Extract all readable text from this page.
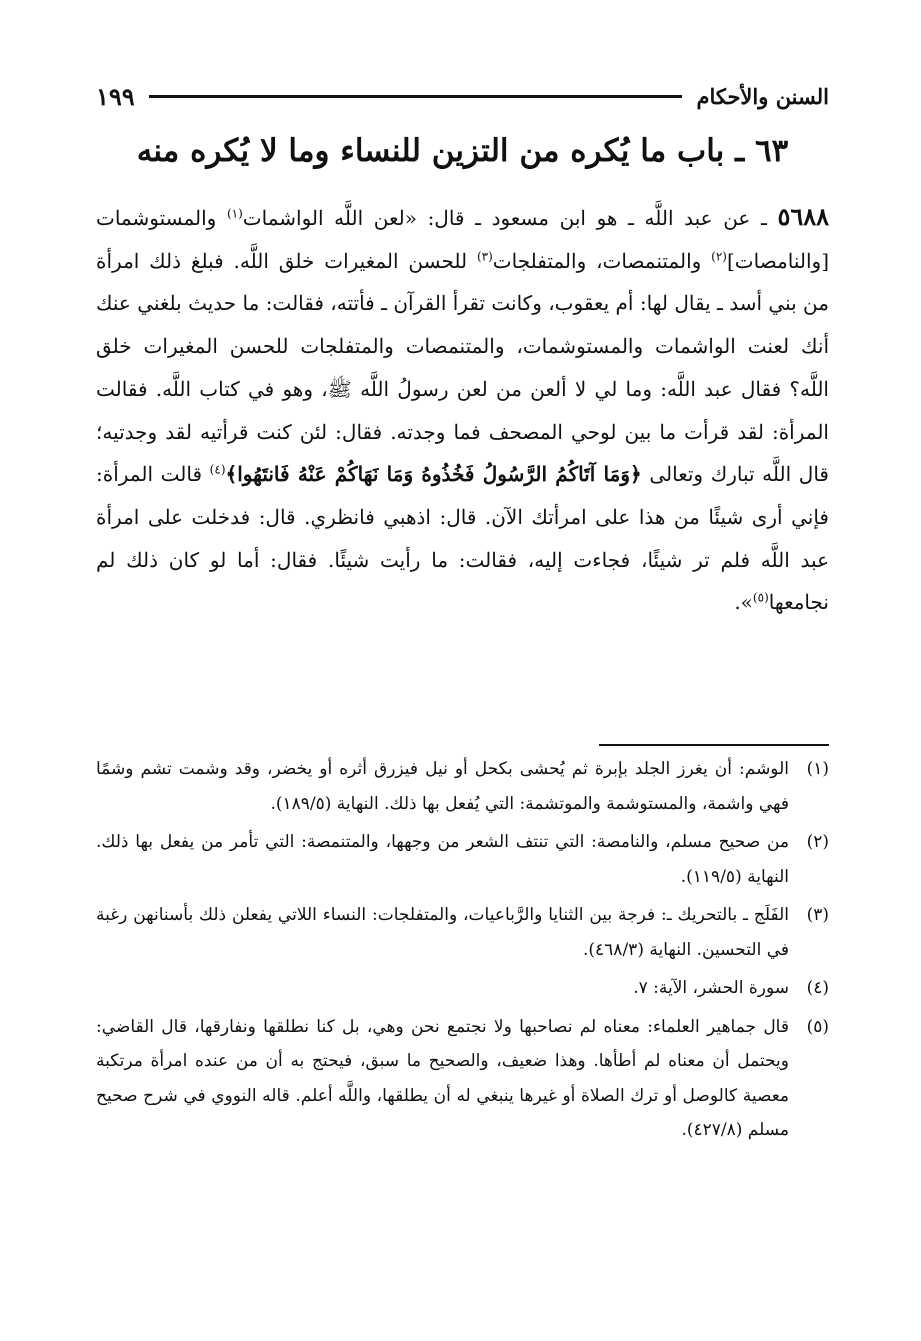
السنن والأحكام
١٩٩
٦٣ ـ باب ما يُكره من التزين للنساء وما لا يُكره منه
٥٦٨٨ ـ عن عبد اللَّه ـ هو ابن مسعود ـ قال: «لعن اللَّه الواشمات$^{(١)}$ والمستوشمات [والنامصات]$^{(٢)}$ والمتنمصات، والمتفلجات$^{(٣)}$ للحسن المغيرات خلق اللَّه. فبلغ ذلك امرأة من بني أسد ـ يقال لها: أم يعقوب، وكانت تقرأ القرآن ـ فأتته، فقالت: ما حديث بلغني عنك أنك لعنت الواشمات والمستوشمات، والمتنمصات والمتفلجات للحسن المغيرات خلق اللَّه؟ فقال عبد اللَّه: وما لي لا ألعن من لعن رسولُ اللَّه ﷺ، وهو في كتاب اللَّه. فقالت المرأة: لقد قرأت ما بين لوحي المصحف فما وجدته. فقال: لئن كنت قرأتيه لقد وجدتيه؛ قال اللَّه تبارك وتعالى ﴿وَمَا آتَاكُمُ الرَّسُولُ فَخُذُوهُ وَمَا نَهَاكُمْ عَنْهُ فَانتَهُوا﴾$^{(٤)}$ قالت المرأة: فإني أرى شيئًا من هذا على امرأتك الآن. قال: اذهبي فانظري. قال: فدخلت على امرأة عبد اللَّه فلم تر شيئًا، فجاءت إليه، فقالت: ما رأيت شيئًا. فقال: أما لو كان ذلك لم نجامعها$^{(٥)}$».
(١)
الوشم: أن يغرز الجلد بإبرة ثم يُحشى بكحل أو نيل فيزرق أثره أو يخضر، وقد وشمت تشم وشمًا فهي واشمة، والمستوشمة والموتشمة: التي يُفعل بها ذلك. النهاية (١٨٩/٥).
(٢)
من صحيح مسلم، والنامصة: التي تنتف الشعر من وجهها، والمتنمصة: التي تأمر من يفعل بها ذلك. النهاية (١١٩/٥).
(٣)
الفَلَج ـ بالتحريك ـ: فرجة بين الثنايا والرَّباعيات، والمتفلجات: النساء اللاتي يفعلن ذلك بأسنانهن رغبة في التحسين. النهاية (٤٦٨/٣).
(٤)
سورة الحشر، الآية: ٧.
(٥)
قال جماهير العلماء: معناه لم نصاحبها ولا نجتمع نحن وهي، بل كنا نطلقها ونفارقها، قال القاضي: ويحتمل أن معناه لم أطأها. وهذا ضعيف، والصحيح ما سبق، فيحتج به أن من عنده امرأة مرتكبة معصية كالوصل أو ترك الصلاة أو غيرها ينبغي له أن يطلقها، واللَّه أعلم. قاله النووي في شرح صحيح مسلم (٤٢٧/٨).
